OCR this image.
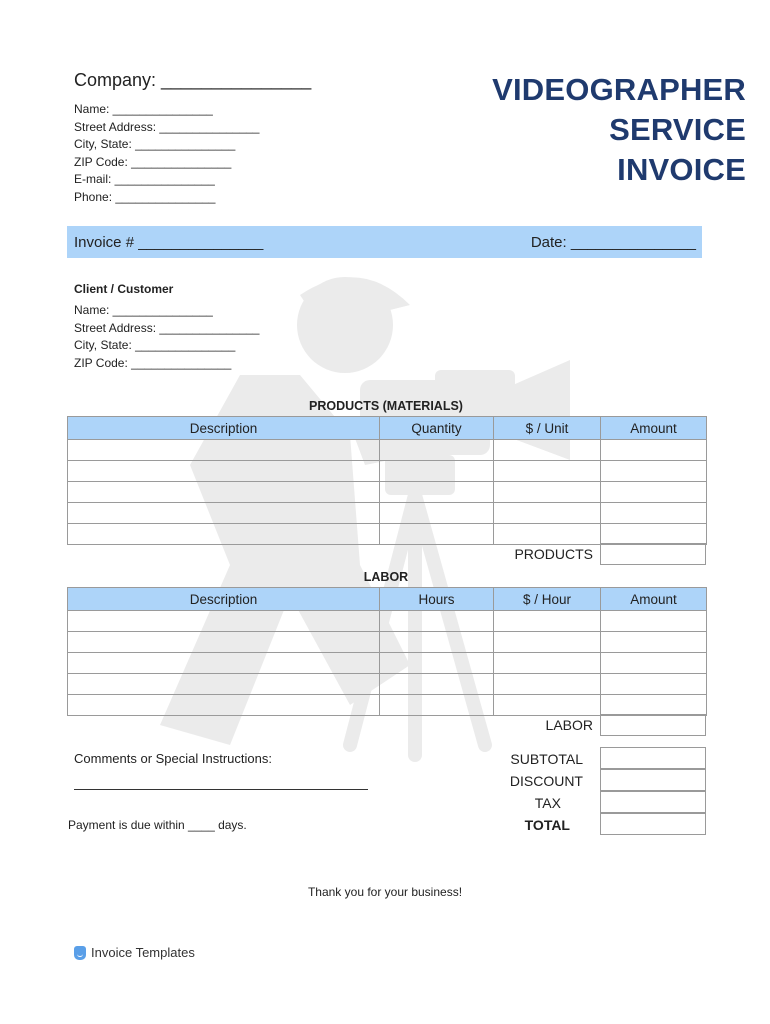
Company: _______________
Name: _______________
Street Address: _______________
City, State: _______________
ZIP Code: _______________
E-mail: _______________
Phone: _______________
VIDEOGRAPHER
SERVICE
INVOICE
Invoice # _______________	Date: _______________
Client / Customer
Name: _______________
Street Address: _______________
City, State: _______________
ZIP Code: _______________
PRODUCTS (MATERIALS)
Description	Quantity	$ / Unit	Amount

PRODUCTS
LABOR
Description	Hours	$ / Hour	Amount

LABOR
SUBTOTAL
DISCOUNT
TAX
TOTAL
Comments or Special Instructions:
Payment is due within ____ days.
Thank you for your business!
Invoice Templates
